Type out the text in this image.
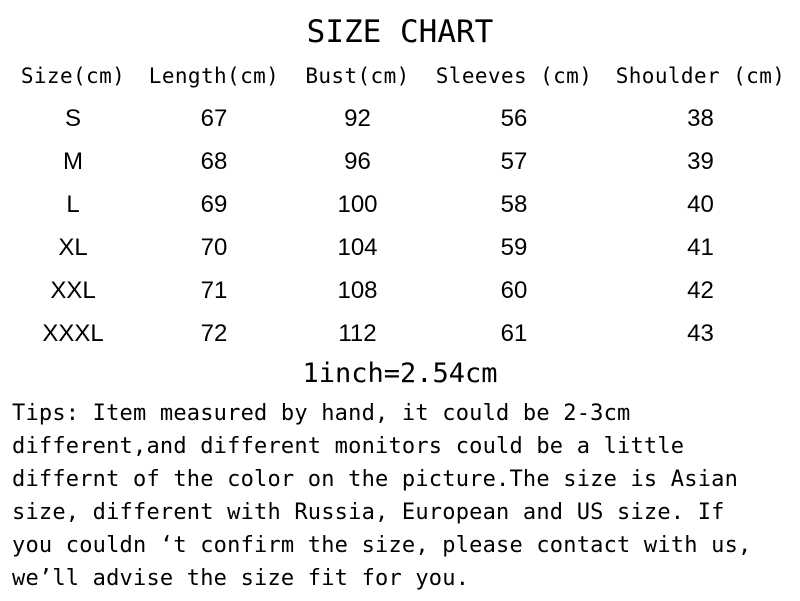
SIZE CHART
Size(cm)	Length(cm)	Bust(cm)	Sleeves (cm)	Shoulder (cm)
S	67	92	56	38
M	68	96	57	39
L	69	100	58	40
XL	70	104	59	41
XXL	71	108	60	42
XXXL	72	112	61	43
1inch=2.54cm
Tips: Item measured by hand, it could be 2-3cm
different,and different monitors could be a little
differnt of the color on the picture.The size is Asian
size, different with Russia, European and US size. If
you couldn ‘t confirm the size, please contact with us,
we’ll advise the size fit for you.
